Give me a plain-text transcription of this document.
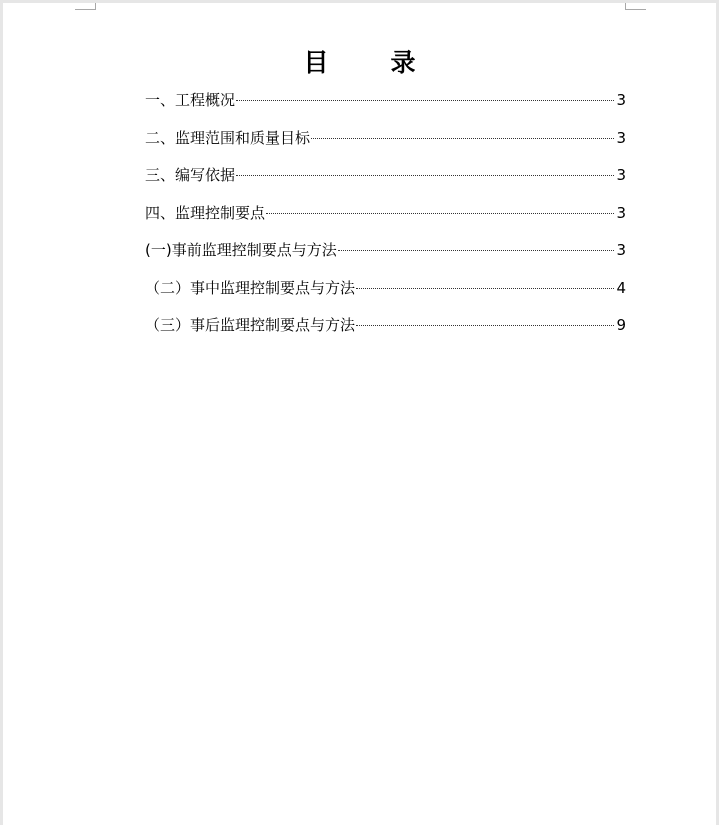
目录
一、工程概况	3
二、监理范围和质量目标	3
三、编写依据	3
四、监理控制要点	3
(一)事前监理控制要点与方法	3
（二）事中监理控制要点与方法	4
（三）事后监理控制要点与方法	9
